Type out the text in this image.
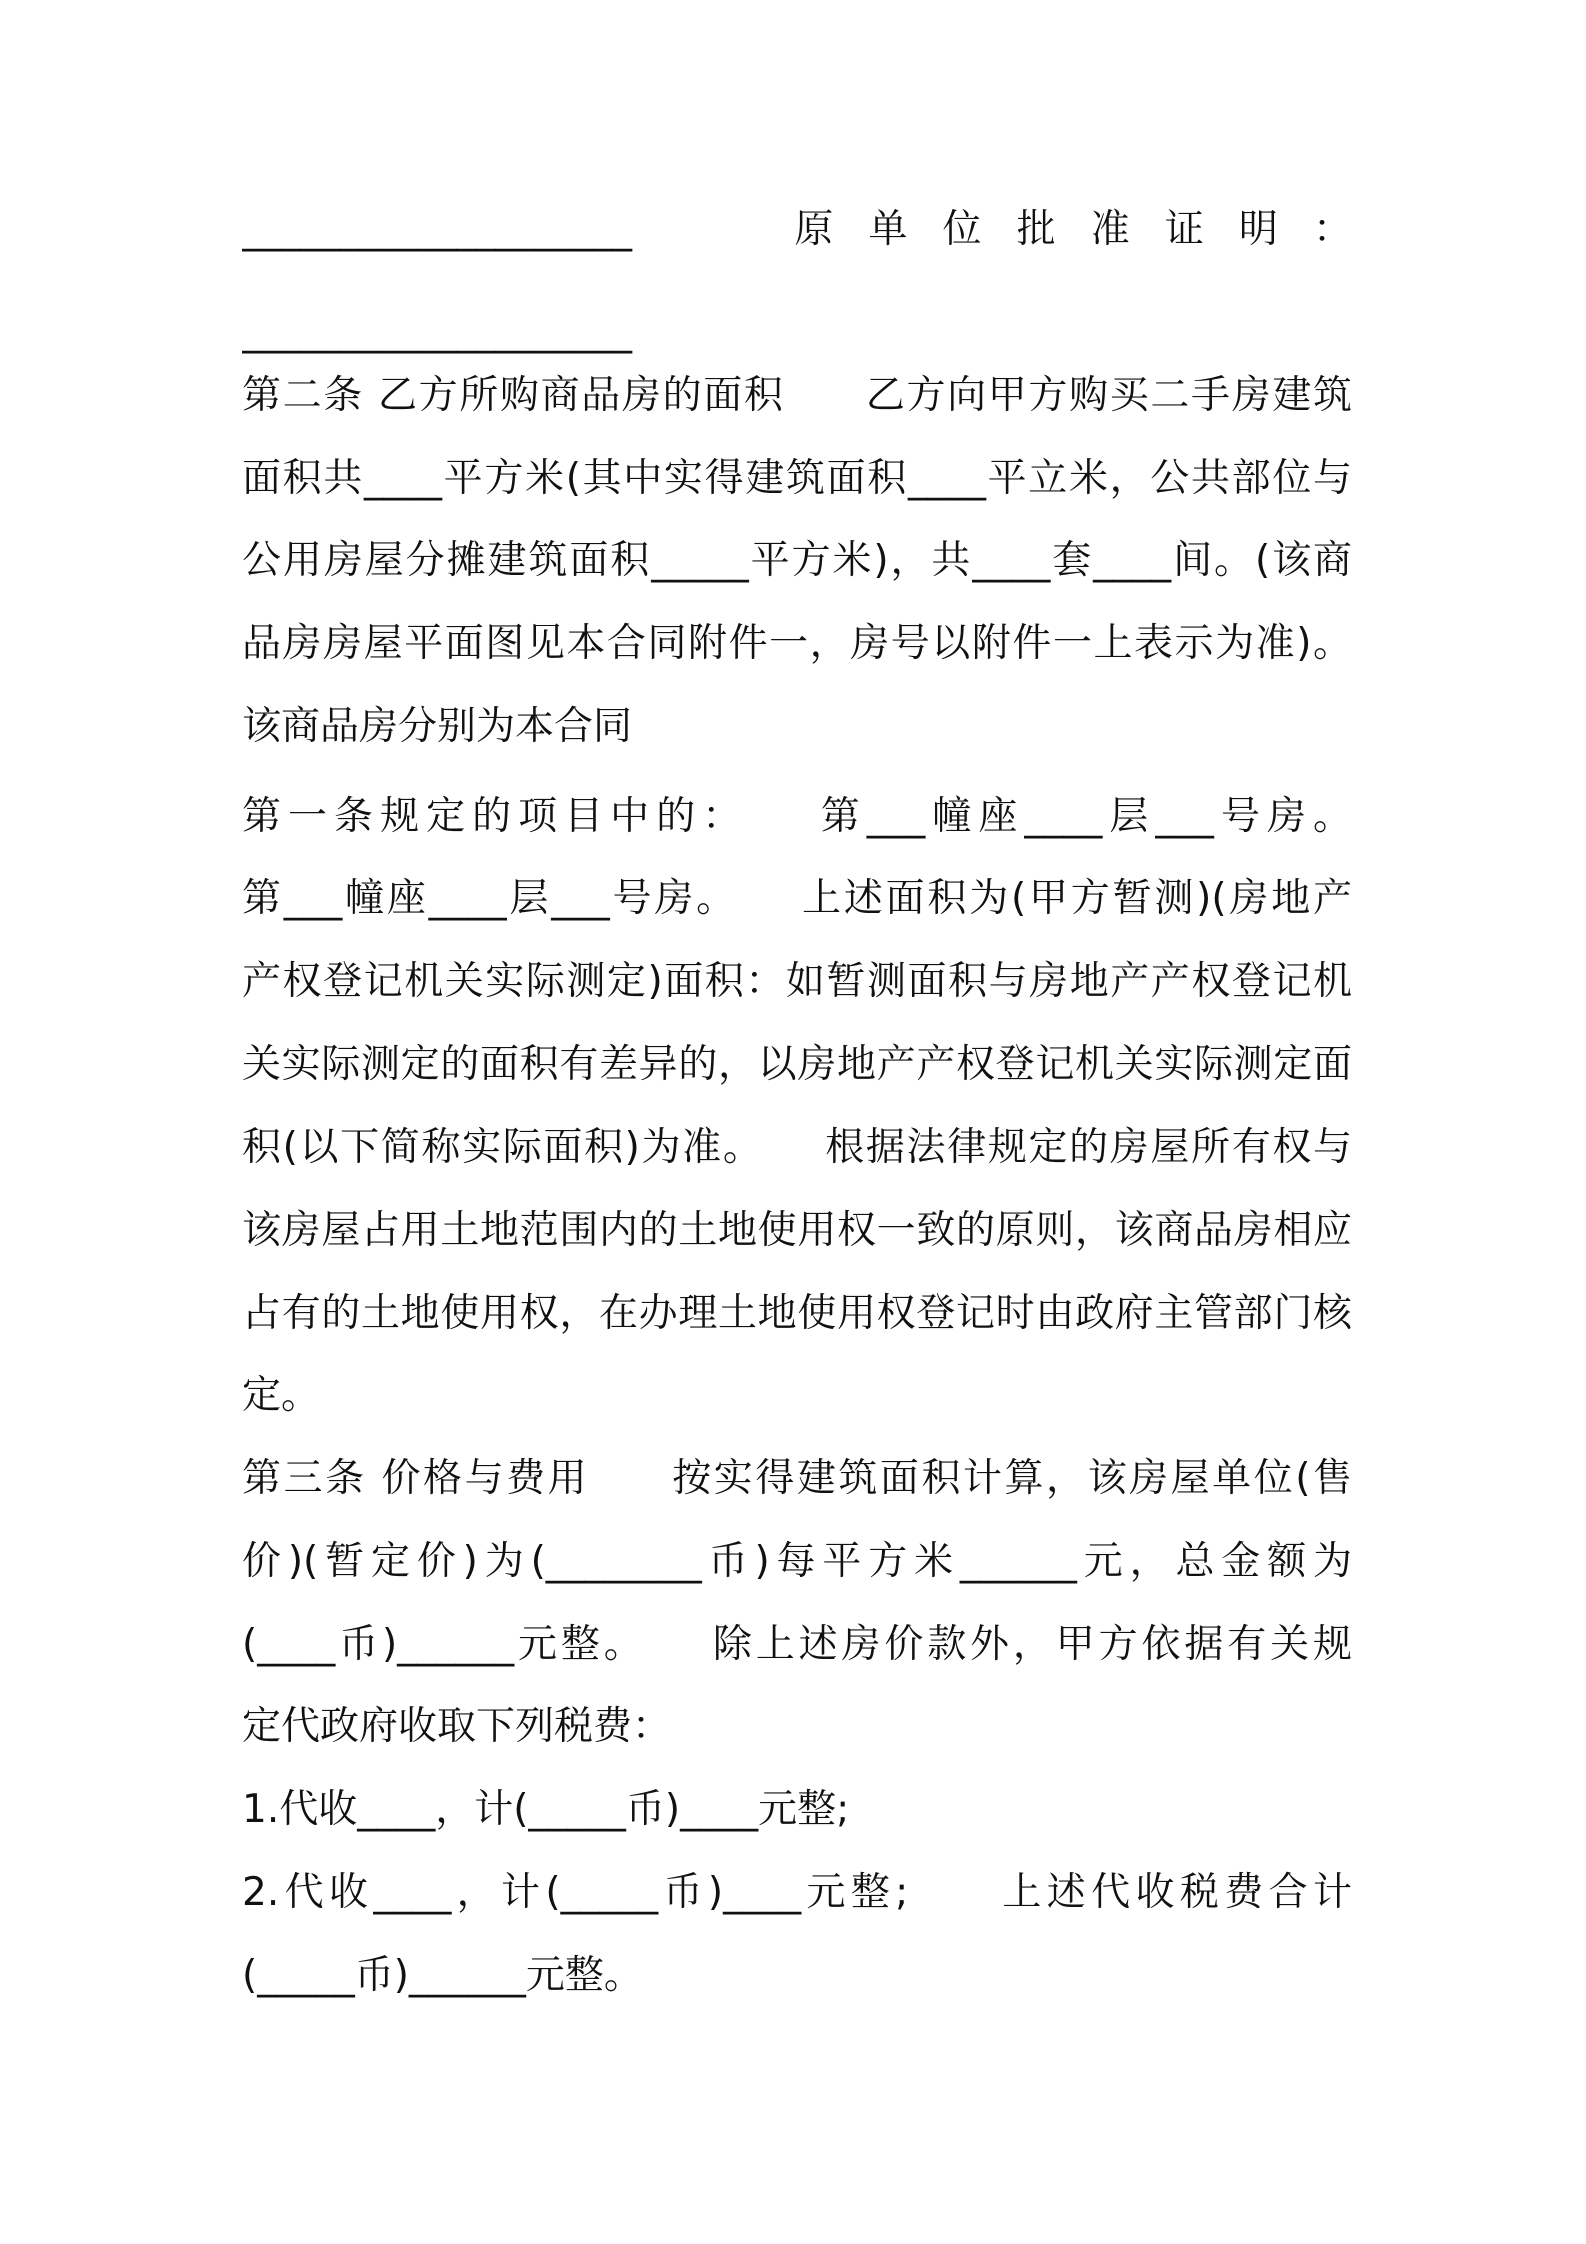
____________________　　　原 单 位 批 准 证 明 ：
____________________
第二条 乙方所购商品房的面积　　乙方向甲方购买二手房建筑
面积共____平方米(其中实得建筑面积____平立米，公共部位与
公用房屋分摊建筑面积_____平方米)，共____套____间。(该商
品房房屋平面图见本合同附件一，房号以附件一上表示为准)。
该商品房分别为本合同
第一条规定的项目中的：　　第___幢座____层___号房。
第___幢座____层___号房。　　上述面积为(甲方暂测)(房地产
产权登记机关实际测定)面积：如暂测面积与房地产产权登记机
关实际测定的面积有差异的，以房地产产权登记机关实际测定面
积(以下简称实际面积)为准。　　根据法律规定的房屋所有权与
该房屋占用土地范围内的土地使用权一致的原则，该商品房相应
占有的土地使用权，在办理土地使用权登记时由政府主管部门核
定。
第三条 价格与费用　　按实得建筑面积计算，该房屋单位(售
价)(暂定价)为(________币)每平方米______元，总金额为
(____币)______元整。　　除上述房价款外，甲方依据有关规
定代政府收取下列税费：
1.代收____，计(_____币)____元整;
2.代收____，计(_____币)____元整;　　上述代收税费合计
(_____币)______元整。
